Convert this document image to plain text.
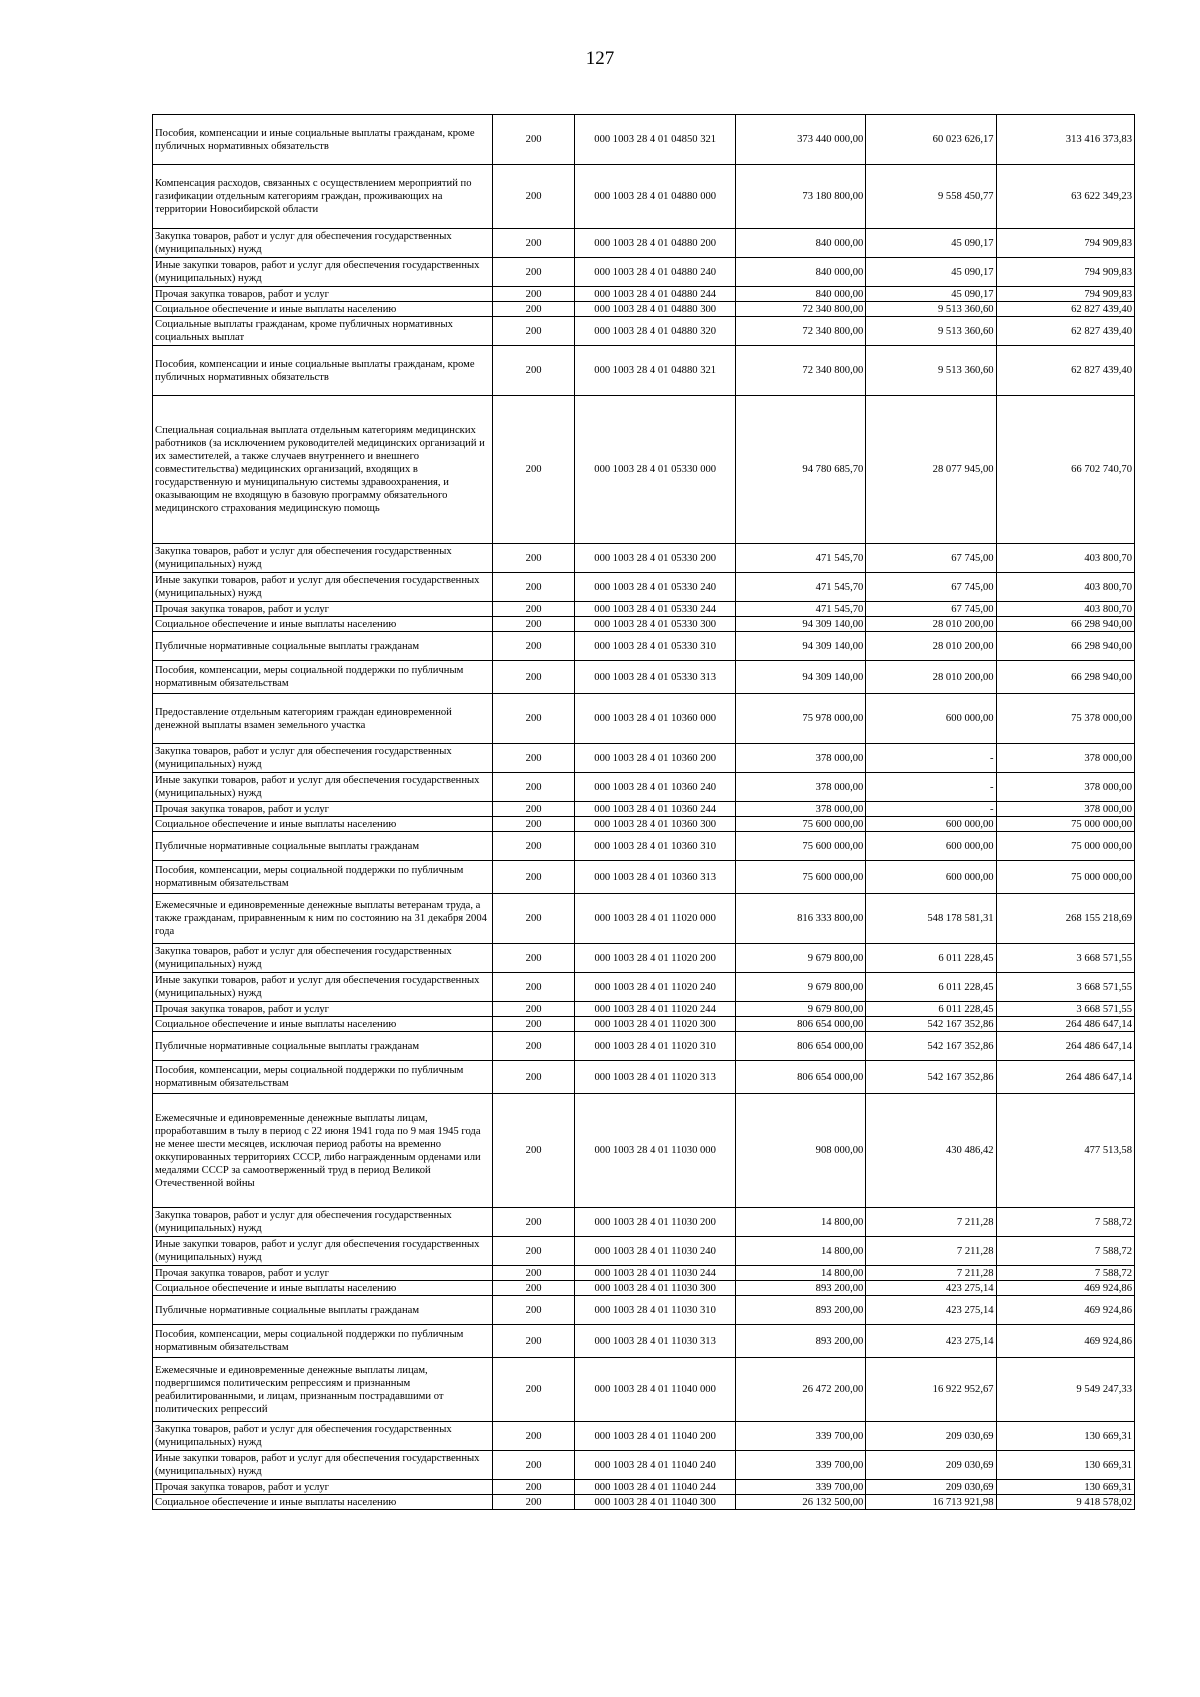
127
Пособия, компенсации и иные социальные выплаты гражданам, кроме публичных нормативных обязательств	200	000 1003 28 4 01 04850 321	373 440 000,00	60 023 626,17	313 416 373,83
Компенсация расходов, связанных с осуществлением мероприятий по газификации отдельным категориям граждан, проживающих на территории Новосибирской области	200	000 1003 28 4 01 04880 000	73 180 800,00	9 558 450,77	63 622 349,23
Закупка товаров, работ и услуг для обеспечения государственных (муниципальных) нужд	200	000 1003 28 4 01 04880 200	840 000,00	45 090,17	794 909,83
Иные закупки товаров, работ и услуг для обеспечения государственных (муниципальных) нужд	200	000 1003 28 4 01 04880 240	840 000,00	45 090,17	794 909,83
Прочая закупка товаров, работ и услуг	200	000 1003 28 4 01 04880 244	840 000,00	45 090,17	794 909,83
Социальное обеспечение и иные выплаты населению	200	000 1003 28 4 01 04880 300	72 340 800,00	9 513 360,60	62 827 439,40
Социальные выплаты гражданам, кроме публичных нормативных социальных выплат	200	000 1003 28 4 01 04880 320	72 340 800,00	9 513 360,60	62 827 439,40
Пособия, компенсации и иные социальные выплаты гражданам, кроме публичных нормативных обязательств	200	000 1003 28 4 01 04880 321	72 340 800,00	9 513 360,60	62 827 439,40
Специальная социальная выплата отдельным категориям медицинских работников (за исключением руководителей медицинских организаций и их заместителей, а также случаев внутреннего и внешнего совместительства) медицинских организаций, входящих в государственную и муниципальную системы здравоохранения, и оказывающим не входящую в базовую программу обязательного медицинского страхования медицинскую помощь	200	000 1003 28 4 01 05330 000	94 780 685,70	28 077 945,00	66 702 740,70
Закупка товаров, работ и услуг для обеспечения государственных (муниципальных) нужд	200	000 1003 28 4 01 05330 200	471 545,70	67 745,00	403 800,70
Иные закупки товаров, работ и услуг для обеспечения государственных (муниципальных) нужд	200	000 1003 28 4 01 05330 240	471 545,70	67 745,00	403 800,70
Прочая закупка товаров, работ и услуг	200	000 1003 28 4 01 05330 244	471 545,70	67 745,00	403 800,70
Социальное обеспечение и иные выплаты населению	200	000 1003 28 4 01 05330 300	94 309 140,00	28 010 200,00	66 298 940,00
Публичные нормативные социальные выплаты гражданам	200	000 1003 28 4 01 05330 310	94 309 140,00	28 010 200,00	66 298 940,00
Пособия, компенсации, меры социальной поддержки по публичным нормативным обязательствам	200	000 1003 28 4 01 05330 313	94 309 140,00	28 010 200,00	66 298 940,00
Предоставление отдельным категориям граждан единовременной денежной выплаты взамен земельного участка	200	000 1003 28 4 01 10360 000	75 978 000,00	600 000,00	75 378 000,00
Закупка товаров, работ и услуг для обеспечения государственных (муниципальных) нужд	200	000 1003 28 4 01 10360 200	378 000,00	-	378 000,00
Иные закупки товаров, работ и услуг для обеспечения государственных (муниципальных) нужд	200	000 1003 28 4 01 10360 240	378 000,00	-	378 000,00
Прочая закупка товаров, работ и услуг	200	000 1003 28 4 01 10360 244	378 000,00	-	378 000,00
Социальное обеспечение и иные выплаты населению	200	000 1003 28 4 01 10360 300	75 600 000,00	600 000,00	75 000 000,00
Публичные нормативные социальные выплаты гражданам	200	000 1003 28 4 01 10360 310	75 600 000,00	600 000,00	75 000 000,00
Пособия, компенсации, меры социальной поддержки по публичным нормативным обязательствам	200	000 1003 28 4 01 10360 313	75 600 000,00	600 000,00	75 000 000,00
Ежемесячные и единовременные денежные выплаты ветеранам труда, а также гражданам, приравненным к ним по состоянию на 31 декабря 2004 года	200	000 1003 28 4 01 11020 000	816 333 800,00	548 178 581,31	268 155 218,69
Закупка товаров, работ и услуг для обеспечения государственных (муниципальных) нужд	200	000 1003 28 4 01 11020 200	9 679 800,00	6 011 228,45	3 668 571,55
Иные закупки товаров, работ и услуг для обеспечения государственных (муниципальных) нужд	200	000 1003 28 4 01 11020 240	9 679 800,00	6 011 228,45	3 668 571,55
Прочая закупка товаров, работ и услуг	200	000 1003 28 4 01 11020 244	9 679 800,00	6 011 228,45	3 668 571,55
Социальное обеспечение и иные выплаты населению	200	000 1003 28 4 01 11020 300	806 654 000,00	542 167 352,86	264 486 647,14
Публичные нормативные социальные выплаты гражданам	200	000 1003 28 4 01 11020 310	806 654 000,00	542 167 352,86	264 486 647,14
Пособия, компенсации, меры социальной поддержки по публичным нормативным обязательствам	200	000 1003 28 4 01 11020 313	806 654 000,00	542 167 352,86	264 486 647,14
Ежемесячные и единовременные денежные выплаты лицам, проработавшим в тылу в период с 22 июня 1941 года по 9 мая 1945 года не менее шести месяцев, исключая период работы на временно оккупированных территориях СССР, либо награжденным орденами или медалями СССР за самоотверженный труд в период Великой Отечественной войны	200	000 1003 28 4 01 11030 000	908 000,00	430 486,42	477 513,58
Закупка товаров, работ и услуг для обеспечения государственных (муниципальных) нужд	200	000 1003 28 4 01 11030 200	14 800,00	7 211,28	7 588,72
Иные закупки товаров, работ и услуг для обеспечения государственных (муниципальных) нужд	200	000 1003 28 4 01 11030 240	14 800,00	7 211,28	7 588,72
Прочая закупка товаров, работ и услуг	200	000 1003 28 4 01 11030 244	14 800,00	7 211,28	7 588,72
Социальное обеспечение и иные выплаты населению	200	000 1003 28 4 01 11030 300	893 200,00	423 275,14	469 924,86
Публичные нормативные социальные выплаты гражданам	200	000 1003 28 4 01 11030 310	893 200,00	423 275,14	469 924,86
Пособия, компенсации, меры социальной поддержки по публичным нормативным обязательствам	200	000 1003 28 4 01 11030 313	893 200,00	423 275,14	469 924,86
Ежемесячные и единовременные денежные выплаты лицам, подвергшимся политическим репрессиям и признанным реабилитированными, и лицам, признанным пострадавшими от политических репрессий	200	000 1003 28 4 01 11040 000	26 472 200,00	16 922 952,67	9 549 247,33
Закупка товаров, работ и услуг для обеспечения государственных (муниципальных) нужд	200	000 1003 28 4 01 11040 200	339 700,00	209 030,69	130 669,31
Иные закупки товаров, работ и услуг для обеспечения государственных (муниципальных) нужд	200	000 1003 28 4 01 11040 240	339 700,00	209 030,69	130 669,31
Прочая закупка товаров, работ и услуг	200	000 1003 28 4 01 11040 244	339 700,00	209 030,69	130 669,31
Социальное обеспечение и иные выплаты населению	200	000 1003 28 4 01 11040 300	26 132 500,00	16 713 921,98	9 418 578,02
